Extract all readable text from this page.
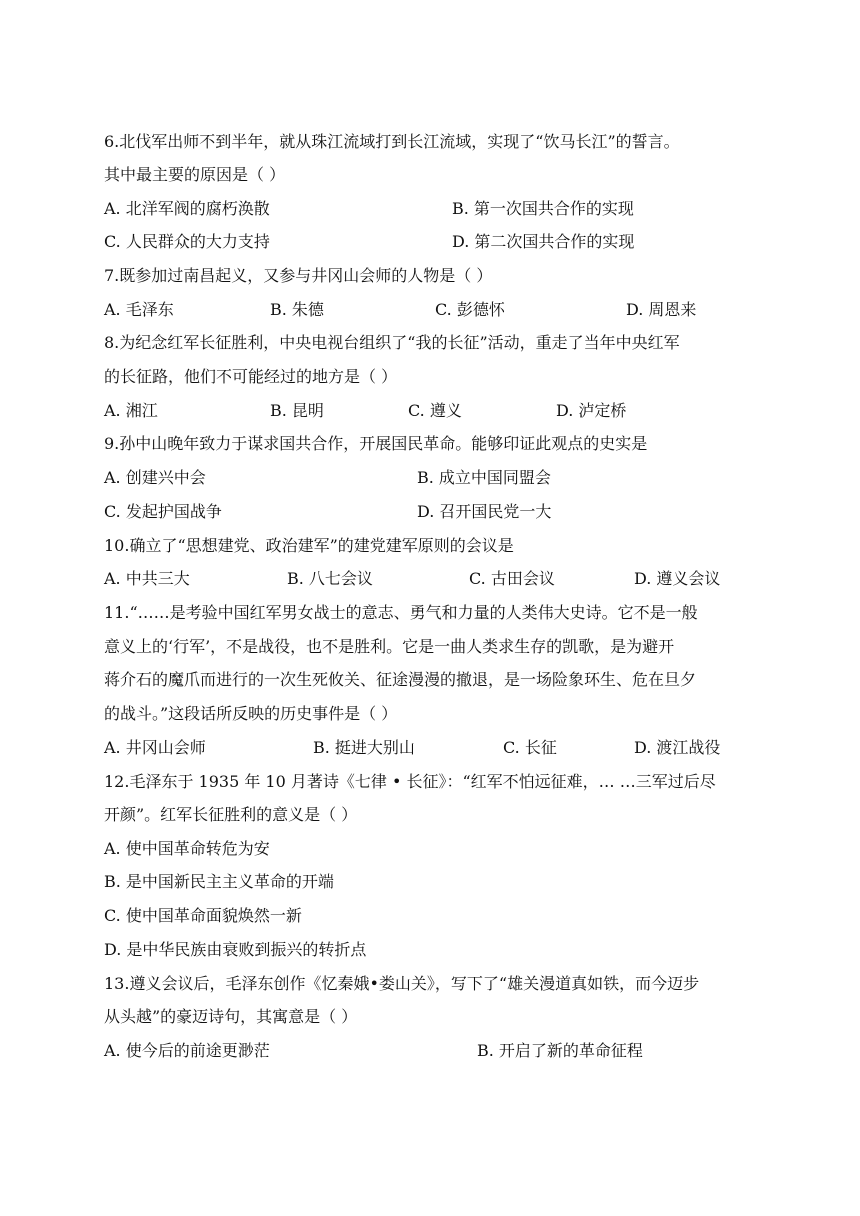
6.北伐军出师不到半年，就从珠江流域打到长江流域，实现了“饮马长江”的誓言。
其中最主要的原因是（ ）
A. 北洋军阀的腐朽涣散	B. 第一次国共合作的实现
C. 人民群众的大力支持	D. 第二次国共合作的实现
7.既参加过南昌起义，又参与井冈山会师的人物是（ ）
A. 毛泽东	B. 朱德	C. 彭德怀	D. 周恩来
8.为纪念红军长征胜利，中央电视台组织了“我的长征”活动，重走了当年中央红军
的长征路，他们不可能经过的地方是（ ）
A. 湘江	B. 昆明	C. 遵义	D. 泸定桥
9.孙中山晚年致力于谋求国共合作，开展国民革命。能够印证此观点的史实是
A. 创建兴中会	B. 成立中国同盟会
C. 发起护国战争	D. 召开国民党一大
10.确立了“思想建党、政治建军”的建党建军原则的会议是
A. 中共三大	B. 八七会议	C. 古田会议	D. 遵义会议
11.“……是考验中国红军男女战士的意志、勇气和力量的人类伟大史诗。它不是一般
意义上的‘行军’，不是战役，也不是胜利。它是一曲人类求生存的凯歌，是为避开
蒋介石的魔爪而进行的一次生死攸关、征途漫漫的撤退，是一场险象环生、危在旦夕
的战斗。”这段话所反映的历史事件是（ ）
A. 井冈山会师	B. 挺进大别山	C. 长征	D. 渡江战役
12.毛泽东于 1935 年 10 月著诗《七律 • 长征》：“红军不怕远征难，… …三军过后尽
开颜”。红军长征胜利的意义是（ ）
A. 使中国革命转危为安
B. 是中国新民主主义革命的开端
C. 使中国革命面貌焕然一新
D. 是中华民族由衰败到振兴的转折点
13.遵义会议后，毛泽东创作《忆秦娥•娄山关》，写下了“雄关漫道真如铁，而今迈步
从头越”的豪迈诗句，其寓意是（ ）
A. 使今后的前途更渺茫	B. 开启了新的革命征程
